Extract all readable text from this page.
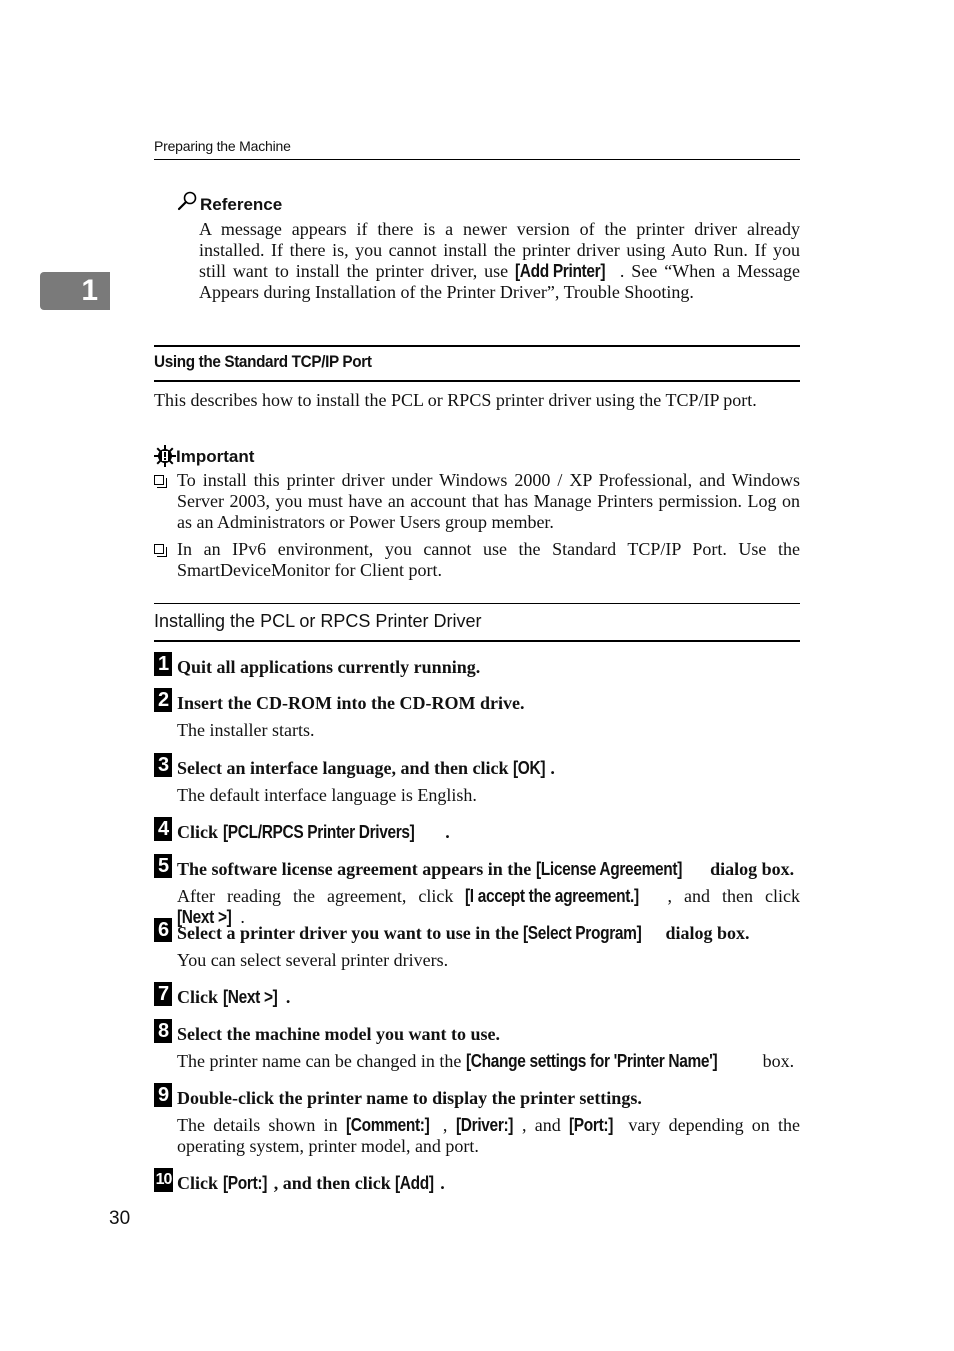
Preparing the Machine
1
Reference
A message appears if there is a newer version of the printer driver already installed. If there is, you cannot install the printer driver using Auto Run. If you still want to install the printer driver, use [Add Printer] . See “When a Message Appears during Installation of the Printer Driver”, Trouble Shooting.
Using the Standard TCP/IP Port
This describes how to install the PCL or RPCS printer driver using the TCP/IP port.
Important
To install this printer driver under Windows 2000 / XP Professional, and Windows Server 2003, you must have an account that has Manage Printers permission. Log on as an Administrators or Power Users group member.
In an IPv6 environment, you cannot use the Standard TCP/IP Port. Use the SmartDeviceMonitor for Client port.
Installing the PCL or RPCS Printer Driver
1 Quit all applications currently running.
2 Insert the CD-ROM into the CD-ROM drive.
The installer starts.
3 Select an interface language, and then click [OK] .
The default interface language is English.
4 Click [PCL/RPCS Printer Drivers] .
5 The software license agreement appears in the [License Agreement] dialog box.
After reading the agreement, click [I accept the agreement.] , and then click [Next >] .
6 Select a printer driver you want to use in the [Select Program] dialog box.
You can select several printer drivers.
7 Click [Next >] .
8 Select the machine model you want to use.
The printer name can be changed in the [Change settings for 'Printer Name'] box.
9 Double-click the printer name to display the printer settings.
The details shown in [Comment:] , [Driver:] , and [Port:] vary depending on the operating system, printer model, and port.
10 Click [Port:] , and then click [Add] .
30
